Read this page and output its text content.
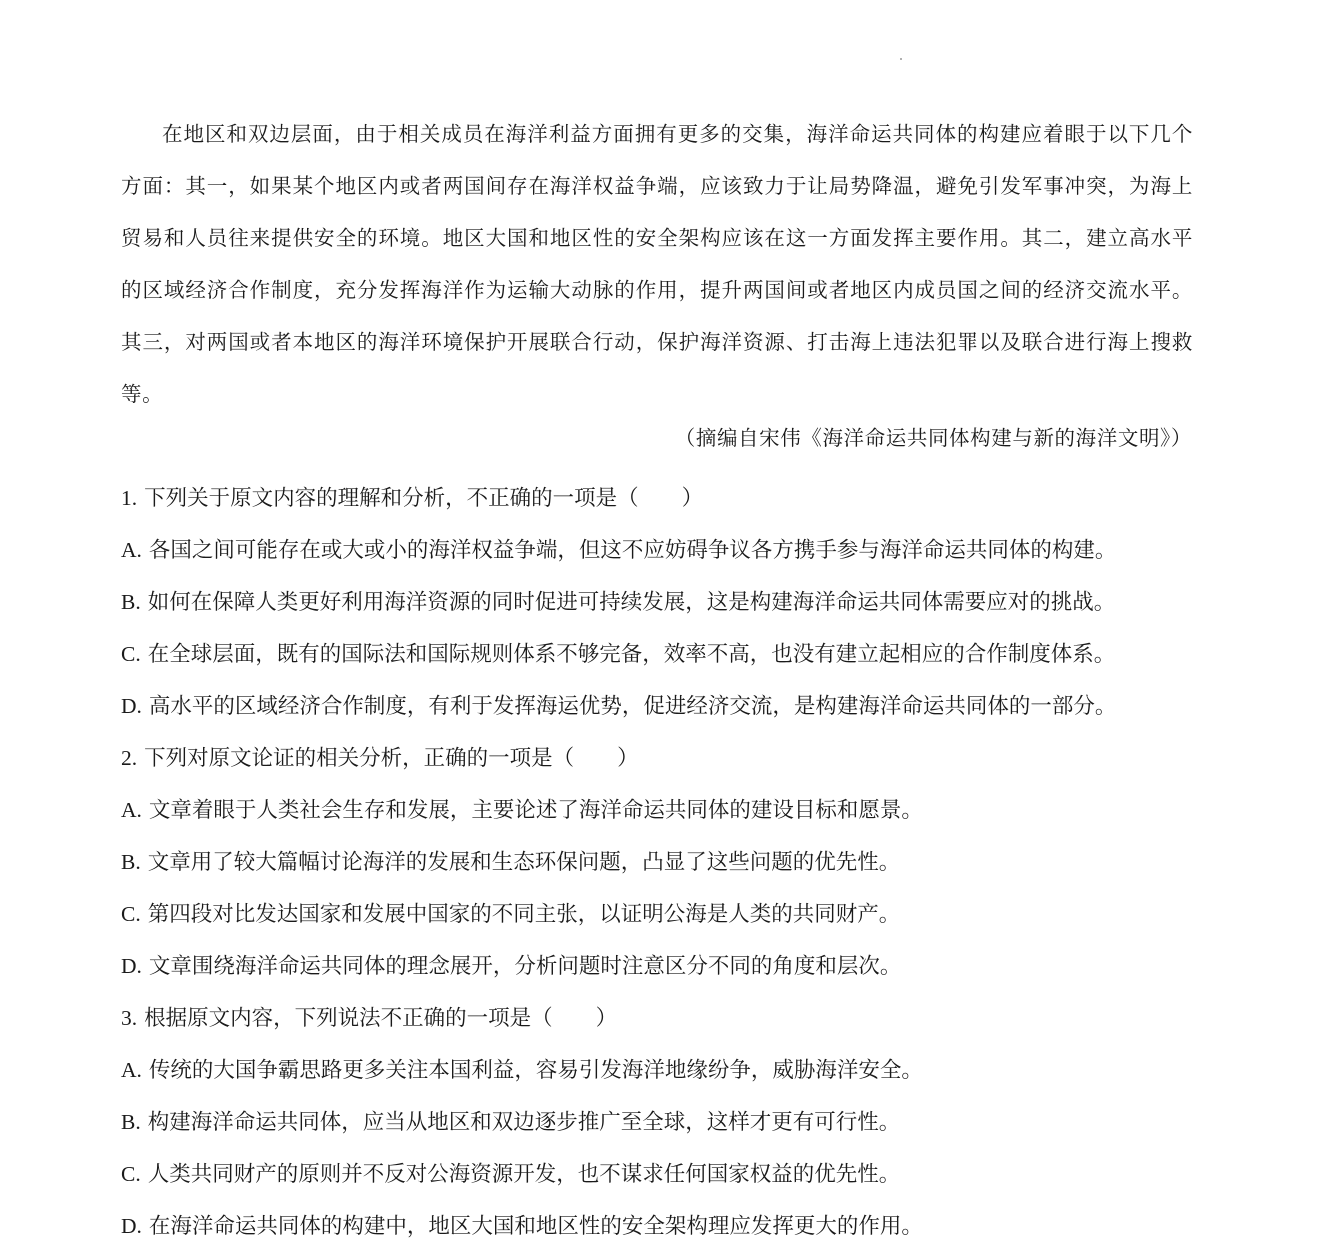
在地区和双边层面，由于相关成员在海洋利益方面拥有更多的交集，海洋命运共同体的构建应着眼于以下几个方面：其一，如果某个地区内或者两国间存在海洋权益争端，应该致力于让局势降温，避免引发军事冲突，为海上贸易和人员往来提供安全的环境。地区大国和地区性的安全架构应该在这一方面发挥主要作用。其二，建立高水平的区域经济合作制度，充分发挥海洋作为运输大动脉的作用，提升两国间或者地区内成员国之间的经济交流水平。其三，对两国或者本地区的海洋环境保护开展联合行动，保护海洋资源、打击海上违法犯罪以及联合进行海上搜救等。

（摘编自宋伟《海洋命运共同体构建与新的海洋文明》）
1. 下列关于原文内容的理解和分析，不正确的一项是（　　）
A. 各国之间可能存在或大或小的海洋权益争端，但这不应妨碍争议各方携手参与海洋命运共同体的构建。
B. 如何在保障人类更好利用海洋资源的同时促进可持续发展，这是构建海洋命运共同体需要应对的挑战。
C. 在全球层面，既有的国际法和国际规则体系不够完备，效率不高，也没有建立起相应的合作制度体系。
D. 高水平的区域经济合作制度，有利于发挥海运优势，促进经济交流，是构建海洋命运共同体的一部分。
2. 下列对原文论证的相关分析，正确的一项是（　　）
A. 文章着眼于人类社会生存和发展，主要论述了海洋命运共同体的建设目标和愿景。
B. 文章用了较大篇幅讨论海洋的发展和生态环保问题，凸显了这些问题的优先性。
C. 第四段对比发达国家和发展中国家的不同主张，以证明公海是人类的共同财产。
D. 文章围绕海洋命运共同体的理念展开，分析问题时注意区分不同的角度和层次。
3. 根据原文内容，下列说法不正确的一项是（　　）
A. 传统的大国争霸思路更多关注本国利益，容易引发海洋地缘纷争，威胁海洋安全。
B. 构建海洋命运共同体，应当从地区和双边逐步推广至全球，这样才更有可行性。
C. 人类共同财产的原则并不反对公海资源开发，也不谋求任何国家权益的优先性。
D. 在海洋命运共同体的构建中，地区大国和地区性的安全架构理应发挥更大的作用。
